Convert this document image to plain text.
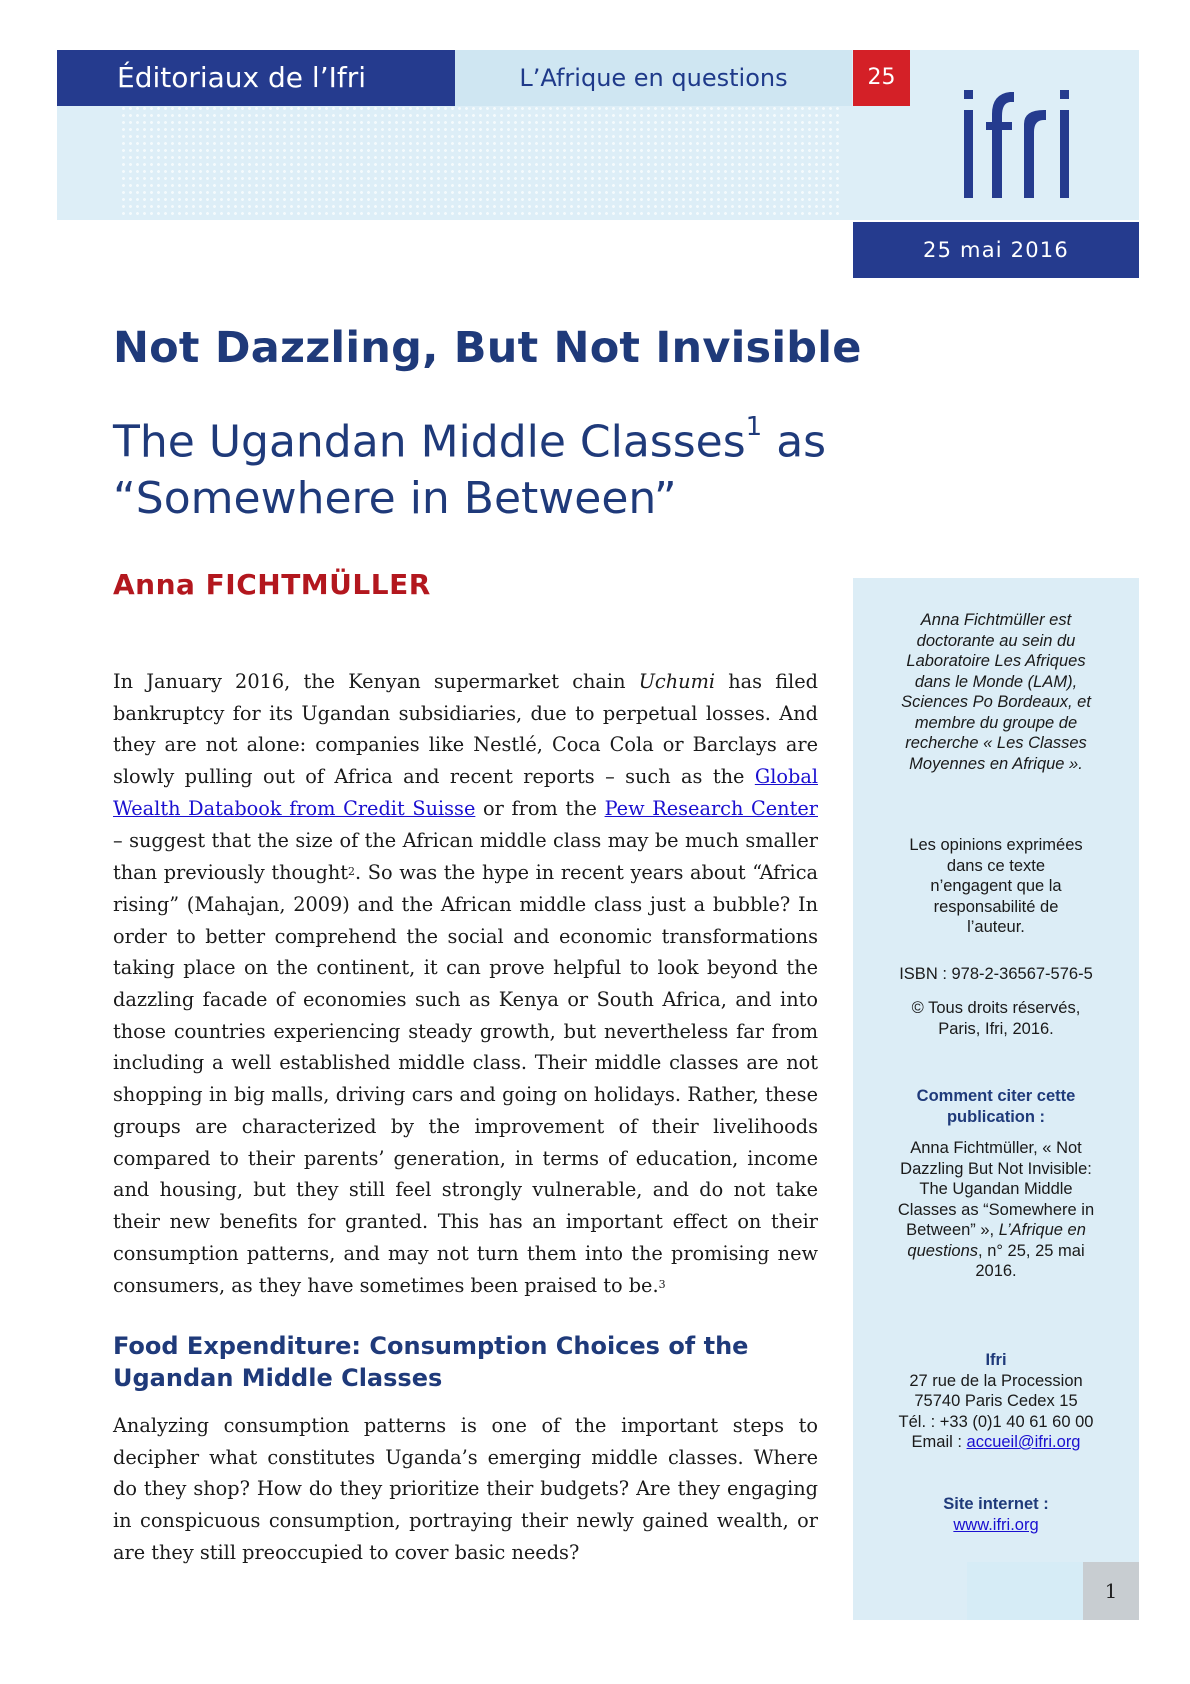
Éditoriaux de l’Ifri	L’Afrique en questions	25
25 mai 2016
Not Dazzling, But Not Invisible
The Ugandan Middle Classes$^1$ as
“Somewhere in Between”
Anna FICHTMÜLLER
In January 2016, the Kenyan supermarket chain Uchumi has filed bankruptcy for its Ugandan subsidiaries, due to perpetual losses. And they are not alone: companies like Nestlé, Coca Cola or Barclays are slowly pulling out of Africa and recent reports – such as the Global Wealth Databook from Credit Suisse or from the Pew Research Center – suggest that the size of the African middle class may be much smaller than previously thought$^2$. So was the hype in recent years about “Africa rising” (Mahajan, 2009) and the African middle class just a bubble? In order to better comprehend the social and economic transformations taking place on the continent, it can prove helpful to look beyond the dazzling facade of economies such as Kenya or South Africa, and into those countries experiencing steady growth, but nevertheless far from including a well established middle class. Their middle classes are not shopping in big malls, driving cars and going on holidays. Rather, these groups are characterized by the improvement of their livelihoods compared to their parents’ generation, in terms of education, income and housing, but they still feel strongly vulnerable, and do not take their new benefits for granted. This has an important effect on their consumption patterns, and may not turn them into the promising new consumers, as they have sometimes been praised to be.$^3$
Food Expenditure: Consumption Choices of the Ugandan Middle Classes
Analyzing consumption patterns is one of the important steps to decipher what constitutes Uganda’s emerging middle classes. Where do they shop? How do they prioritize their budgets? Are they engaging in conspicuous consumption, portraying their newly gained wealth, or are they still preoccupied to cover basic needs?
Anna Fichtmüller est doctorante au sein du Laboratoire Les Afriques dans le Monde (LAM), Sciences Po Bordeaux, et membre du groupe de recherche « Les Classes Moyennes en Afrique ».
Les opinions exprimées dans ce texte n’engagent que la responsabilité de l’auteur.
ISBN : 978-2-36567-576-5
© Tous droits réservés,
Paris, Ifri, 2016.
Comment citer cette publication :
Anna Fichtmüller, « Not Dazzling But Not Invisible: The Ugandan Middle Classes as “Somewhere in Between” », L’Afrique en questions, n° 25, 25 mai 2016.
Ifri
27 rue de la Procession
75740 Paris Cedex 15
Tél. : +33 (0)1 40 61 60 00
Email : accueil@ifri.org
Site internet :
www.ifri.org
1
